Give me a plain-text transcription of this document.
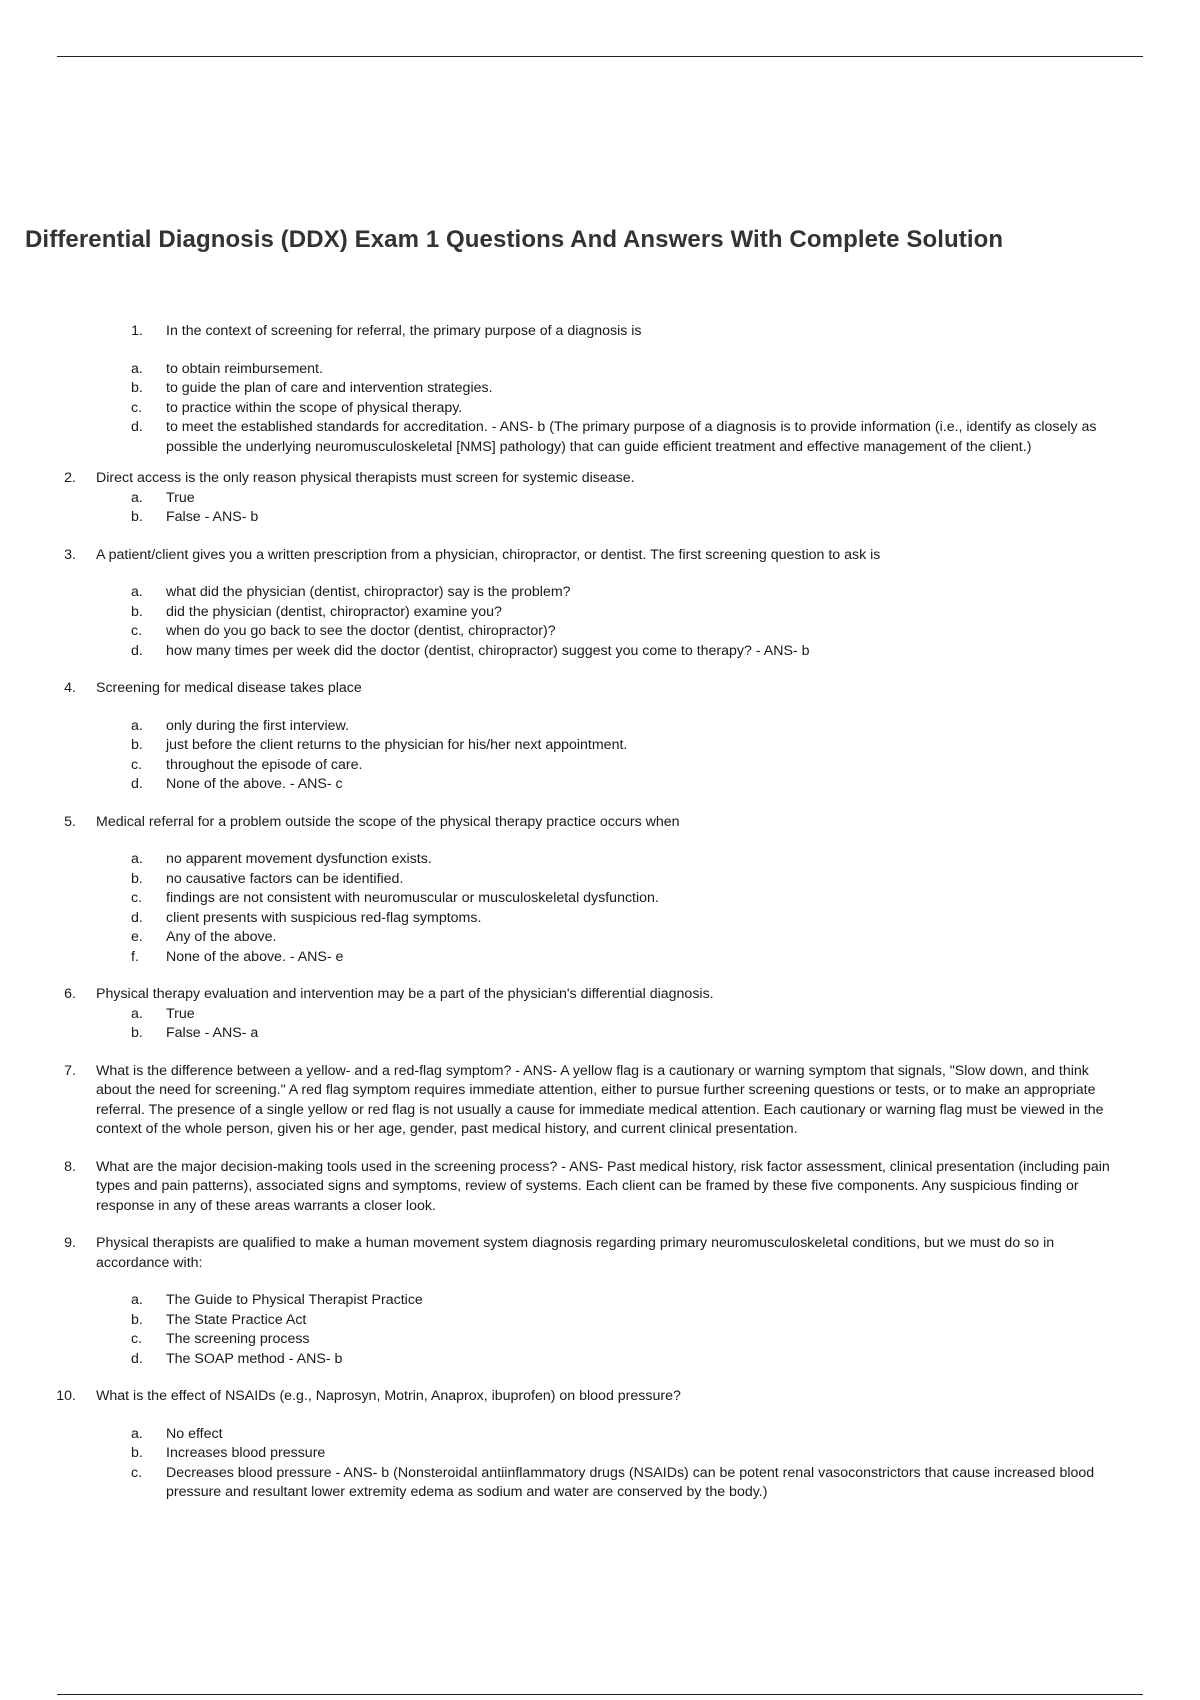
Differential Diagnosis (DDX) Exam 1 Questions And Answers With Complete Solution
1. In the context of screening for referral, the primary purpose of a diagnosis is
a. to obtain reimbursement.
b. to guide the plan of care and intervention strategies.
c. to practice within the scope of physical therapy.
d. to meet the established standards for accreditation. - ANS- b (The primary purpose of a diagnosis is to provide information (i.e., identify as closely as possible the underlying neuromusculoskeletal [NMS] pathology) that can guide efficient treatment and effective management of the client.)
2. Direct access is the only reason physical therapists must screen for systemic disease.
a. True
b. False - ANS- b
3. A patient/client gives you a written prescription from a physician, chiropractor, or dentist. The first screening question to ask is
a. what did the physician (dentist, chiropractor) say is the problem?
b. did the physician (dentist, chiropractor) examine you?
c. when do you go back to see the doctor (dentist, chiropractor)?
d. how many times per week did the doctor (dentist, chiropractor) suggest you come to therapy? - ANS- b
4. Screening for medical disease takes place
a. only during the first interview.
b. just before the client returns to the physician for his/her next appointment.
c. throughout the episode of care.
d. None of the above. - ANS- c
5. Medical referral for a problem outside the scope of the physical therapy practice occurs when
a. no apparent movement dysfunction exists.
b. no causative factors can be identified.
c. findings are not consistent with neuromuscular or musculoskeletal dysfunction.
d. client presents with suspicious red-flag symptoms.
e. Any of the above.
f. None of the above. - ANS- e
6. Physical therapy evaluation and intervention may be a part of the physician's differential diagnosis.
a. True
b. False - ANS- a
7. What is the difference between a yellow- and a red-flag symptom? - ANS- A yellow flag is a cautionary or warning symptom that signals, "Slow down, and think about the need for screening." A red flag symptom requires immediate attention, either to pursue further screening questions or tests, or to make an appropriate referral. The presence of a single yellow or red flag is not usually a cause for immediate medical attention. Each cautionary or warning flag must be viewed in the context of the whole person, given his or her age, gender, past medical history, and current clinical presentation.
8. What are the major decision-making tools used in the screening process? - ANS- Past medical history, risk factor assessment, clinical presentation (including pain types and pain patterns), associated signs and symptoms, review of systems. Each client can be framed by these five components. Any suspicious finding or response in any of these areas warrants a closer look.
9. Physical therapists are qualified to make a human movement system diagnosis regarding primary neuromusculoskeletal conditions, but we must do so in accordance with:
a. The Guide to Physical Therapist Practice
b. The State Practice Act
c. The screening process
d. The SOAP method - ANS- b
10. What is the effect of NSAIDs (e.g., Naprosyn, Motrin, Anaprox, ibuprofen) on blood pressure?
a. No effect
b. Increases blood pressure
c. Decreases blood pressure - ANS- b (Nonsteroidal antiinflammatory drugs (NSAIDs) can be potent renal vasoconstrictors that cause increased blood pressure and resultant lower extremity edema as sodium and water are conserved by the body.)
